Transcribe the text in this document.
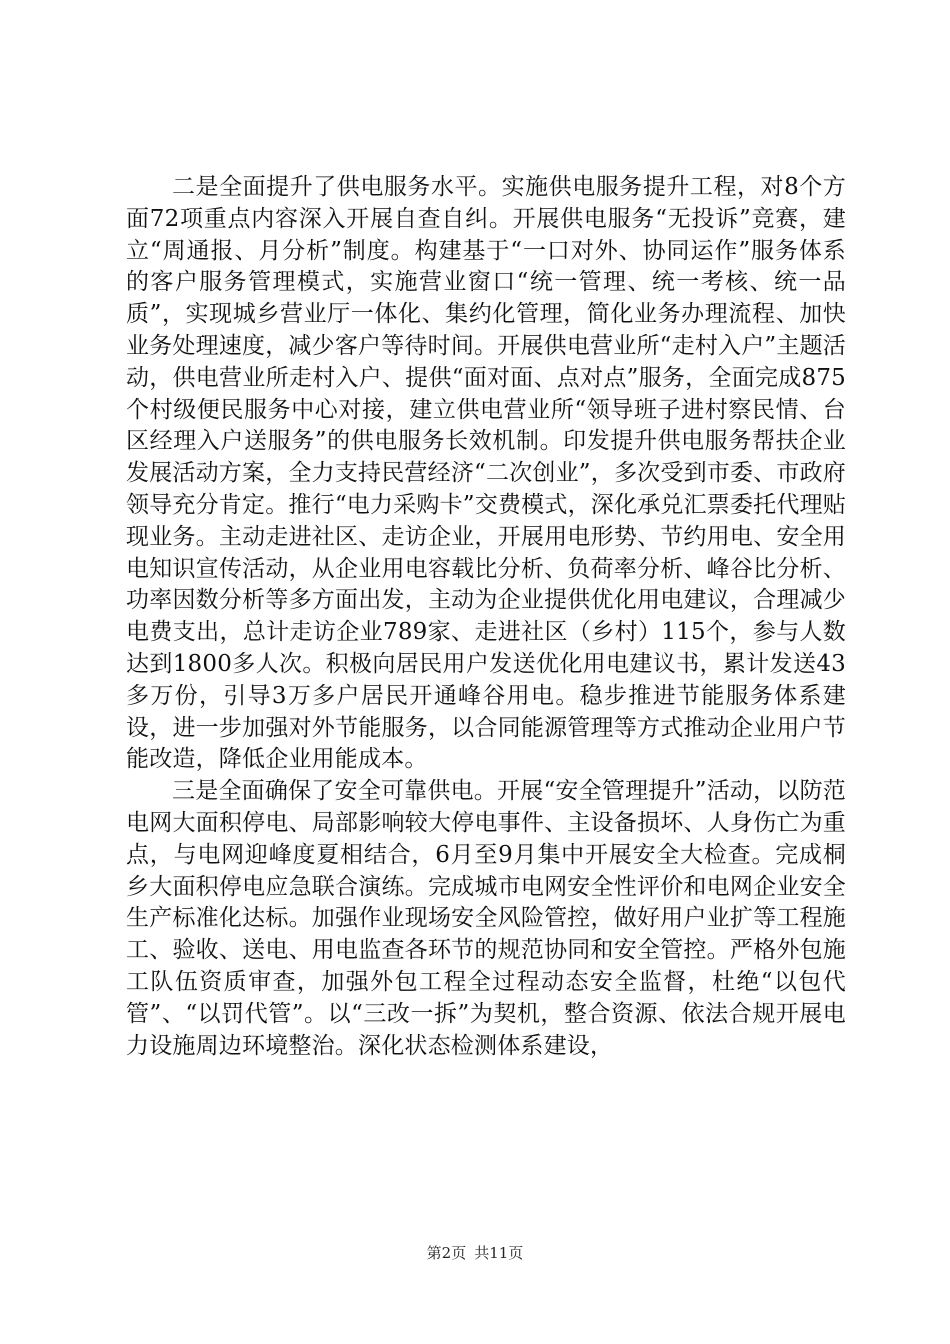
二是全面提升了供电服务水平。实施供电服务提升工程，对8个方面72项重点内容深入开展自查自纠。开展供电服务“无投诉”竞赛，建立“周通报、月分析”制度。构建基于“一口对外、协同运作”服务体系的客户服务管理模式，实施营业窗口“统一管理、统一考核、统一品质”，实现城乡营业厅一体化、集约化管理，简化业务办理流程、加快业务处理速度，减少客户等待时间。开展供电营业所“走村入户”主题活动，供电营业所走村入户、提供“面对面、点对点”服务，全面完成875个村级便民服务中心对接，建立供电营业所“领导班子进村察民情、台区经理入户送服务”的供电服务长效机制。印发提升供电服务帮扶企业发展活动方案，全力支持民营经济“二次创业”，多次受到市委、市政府领导充分肯定。推行“电力采购卡”交费模式，深化承兑汇票委托代理贴现业务。主动走进社区、走访企业，开展用电形势、节约用电、安全用电知识宣传活动，从企业用电容载比分析、负荷率分析、峰谷比分析、功率因数分析等多方面出发，主动为企业提供优化用电建议，合理减少电费支出，总计走访企业789家、走进社区（乡村）115个，参与人数达到1800多人次。积极向居民用户发送优化用电建议书，累计发送43多万份，引导3万多户居民开通峰谷用电。稳步推进节能服务体系建设，进一步加强对外节能服务，以合同能源管理等方式推动企业用户节能改造，降低企业用能成本。

三是全面确保了安全可靠供电。开展“安全管理提升”活动，以防范电网大面积停电、局部影响较大停电事件、主设备损坏、人身伤亡为重点，与电网迎峰度夏相结合，6月至9月集中开展安全大检查。完成桐乡大面积停电应急联合演练。完成城市电网安全性评价和电网企业安全生产标准化达标。加强作业现场安全风险管控，做好用户业扩等工程施工、验收、送电、用电监查各环节的规范协同和安全管控。严格外包施工队伍资质审查，加强外包工程全过程动态安全监督，杜绝“以包代管”、“以罚代管”。以“三改一拆”为契机，整合资源、依法合规开展电力设施周边环境整治。深化状态检测体系建设，

第2页 共11页
